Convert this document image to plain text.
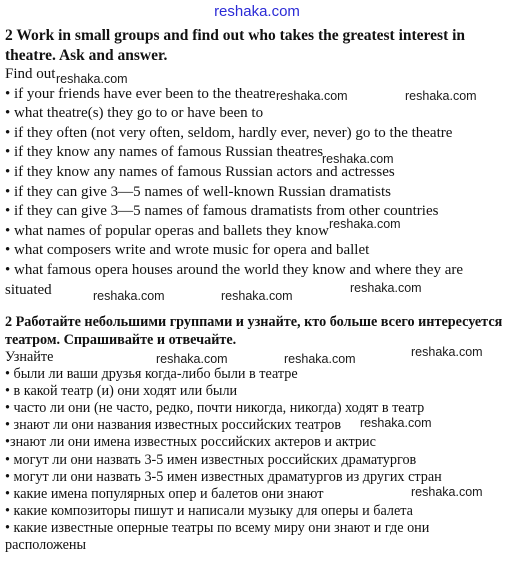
reshaka.com

2 Work in small groups and find out who takes the greatest interest in theatre. Ask and answer.

Find out
• if your friends have ever been to the theatre
• what theatre(s) they go to or have been to
• if they often (not very often, seldom, hardly ever, never) go to the theatre
• if they know any names of famous Russian theatres
• if they know any names of famous Russian actors and actresses
• if they can give 3—5 names of well-known Russian dramatists
• if they can give 3—5 names of famous dramatists from other countries
• what names of popular operas and ballets they know
• what composers write and wrote music for opera and ballet
• what famous opera houses around the world they know and where they are
situated

2 Работайте небольшими группами и узнайте, кто больше всего интересуется театром. Спрашивайте и отвечайте.

Узнайте
• были ли ваши друзья когда-либо были в театре
• в какой театр (и) они ходят или были
• часто ли они (не часто, редко, почти никогда, никогда) ходят в театр
• знают ли они названия известных российских театров
•знают ли они имена известных российских актеров и актрис
• могут ли они назвать 3-5 имен известных российских драматургов
• могут ли они назвать 3-5 имен известных драматургов из других стран
• какие имена популярных опер и балетов они знают
• какие композиторы пишут и написали музыку для оперы и балета
• какие известные оперные театры по всему миру они знают и где они
расположены
reshaka.com
reshaka.com	reshaka.com
reshaka.com
reshaka.com
reshaka.com
reshaka.com	reshaka.com
reshaka.com
reshaka.com	reshaka.com
reshaka.com
reshaka.com
